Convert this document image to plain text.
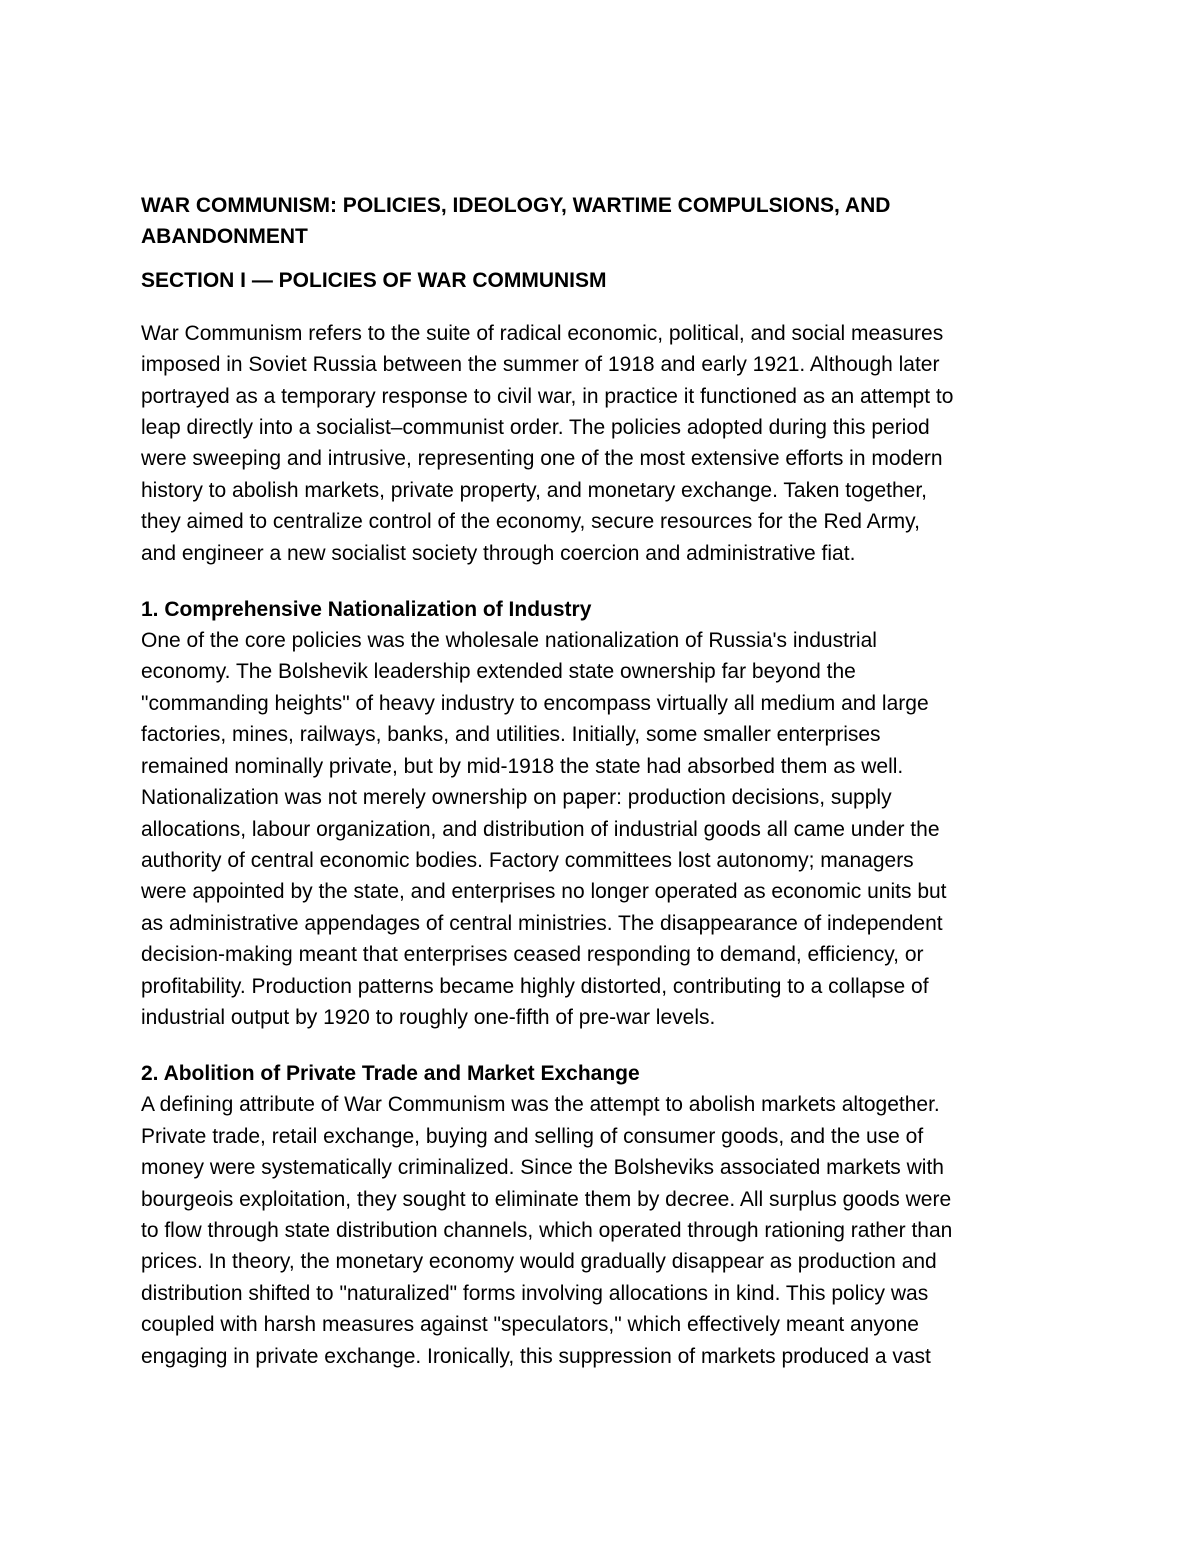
WAR COMMUNISM: POLICIES, IDEOLOGY, WARTIME COMPULSIONS, AND
ABANDONMENT
SECTION I — POLICIES OF WAR COMMUNISM

War Communism refers to the suite of radical economic, political, and social measures
imposed in Soviet Russia between the summer of 1918 and early 1921. Although later
portrayed as a temporary response to civil war, in practice it functioned as an attempt to
leap directly into a socialist–communist order. The policies adopted during this period
were sweeping and intrusive, representing one of the most extensive efforts in modern
history to abolish markets, private property, and monetary exchange. Taken together,
they aimed to centralize control of the economy, secure resources for the Red Army,
and engineer a new socialist society through coercion and administrative fiat.

1. Comprehensive Nationalization of Industry

One of the core policies was the wholesale nationalization of Russia's industrial
economy. The Bolshevik leadership extended state ownership far beyond the
"commanding heights" of heavy industry to encompass virtually all medium and large
factories, mines, railways, banks, and utilities. Initially, some smaller enterprises
remained nominally private, but by mid-1918 the state had absorbed them as well.
Nationalization was not merely ownership on paper: production decisions, supply
allocations, labour organization, and distribution of industrial goods all came under the
authority of central economic bodies. Factory committees lost autonomy; managers
were appointed by the state, and enterprises no longer operated as economic units but
as administrative appendages of central ministries. The disappearance of independent
decision-making meant that enterprises ceased responding to demand, efficiency, or
profitability. Production patterns became highly distorted, contributing to a collapse of
industrial output by 1920 to roughly one-fifth of pre-war levels.

2. Abolition of Private Trade and Market Exchange

A defining attribute of War Communism was the attempt to abolish markets altogether.
Private trade, retail exchange, buying and selling of consumer goods, and the use of
money were systematically criminalized. Since the Bolsheviks associated markets with
bourgeois exploitation, they sought to eliminate them by decree. All surplus goods were
to flow through state distribution channels, which operated through rationing rather than
prices. In theory, the monetary economy would gradually disappear as production and
distribution shifted to "naturalized" forms involving allocations in kind. This policy was
coupled with harsh measures against "speculators," which effectively meant anyone
engaging in private exchange. Ironically, this suppression of markets produced a vast
